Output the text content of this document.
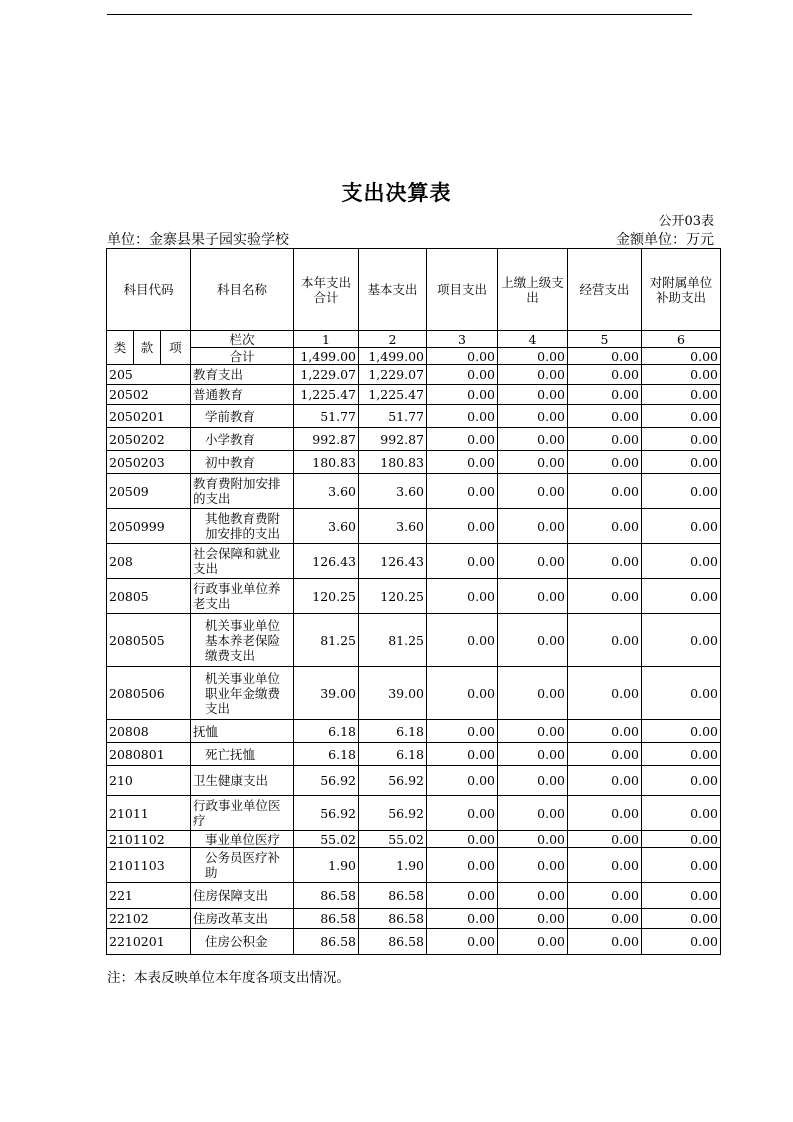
支出决算表
公开03表
单位：金寨县果子园实验学校	金额单位：万元
科目代码			科目名称	本年支出合计	基本支出	项目支出	上缴上级支出	经营支出	对附属单位补助支出
类	款	项	栏次	1	2	3	4	5	6
			合计	1,499.00	1,499.00	0.00	0.00	0.00	0.00
205			教育支出	1,229.07	1,229.07	0.00	0.00	0.00	0.00
20502			普通教育	1,225.47	1,225.47	0.00	0.00	0.00	0.00
2050201			学前教育	51.77	51.77	0.00	0.00	0.00	0.00
2050202			小学教育	992.87	992.87	0.00	0.00	0.00	0.00
2050203			初中教育	180.83	180.83	0.00	0.00	0.00	0.00
20509			教育费附加安排的支出	3.60	3.60	0.00	0.00	0.00	0.00
2050999			其他教育费附加安排的支出	3.60	3.60	0.00	0.00	0.00	0.00
208			社会保障和就业支出	126.43	126.43	0.00	0.00	0.00	0.00
20805			行政事业单位养老支出	120.25	120.25	0.00	0.00	0.00	0.00
2080505			机关事业单位基本养老保险缴费支出	81.25	81.25	0.00	0.00	0.00	0.00
2080506			机关事业单位职业年金缴费支出	39.00	39.00	0.00	0.00	0.00	0.00
20808			抚恤	6.18	6.18	0.00	0.00	0.00	0.00
2080801			死亡抚恤	6.18	6.18	0.00	0.00	0.00	0.00
210			卫生健康支出	56.92	56.92	0.00	0.00	0.00	0.00
21011			行政事业单位医疗	56.92	56.92	0.00	0.00	0.00	0.00
2101102			事业单位医疗	55.02	55.02	0.00	0.00	0.00	0.00
2101103			公务员医疗补助	1.90	1.90	0.00	0.00	0.00	0.00
221			住房保障支出	86.58	86.58	0.00	0.00	0.00	0.00
22102			住房改革支出	86.58	86.58	0.00	0.00	0.00	0.00
2210201			住房公积金	86.58	86.58	0.00	0.00	0.00	0.00
注：本表反映单位本年度各项支出情况。
